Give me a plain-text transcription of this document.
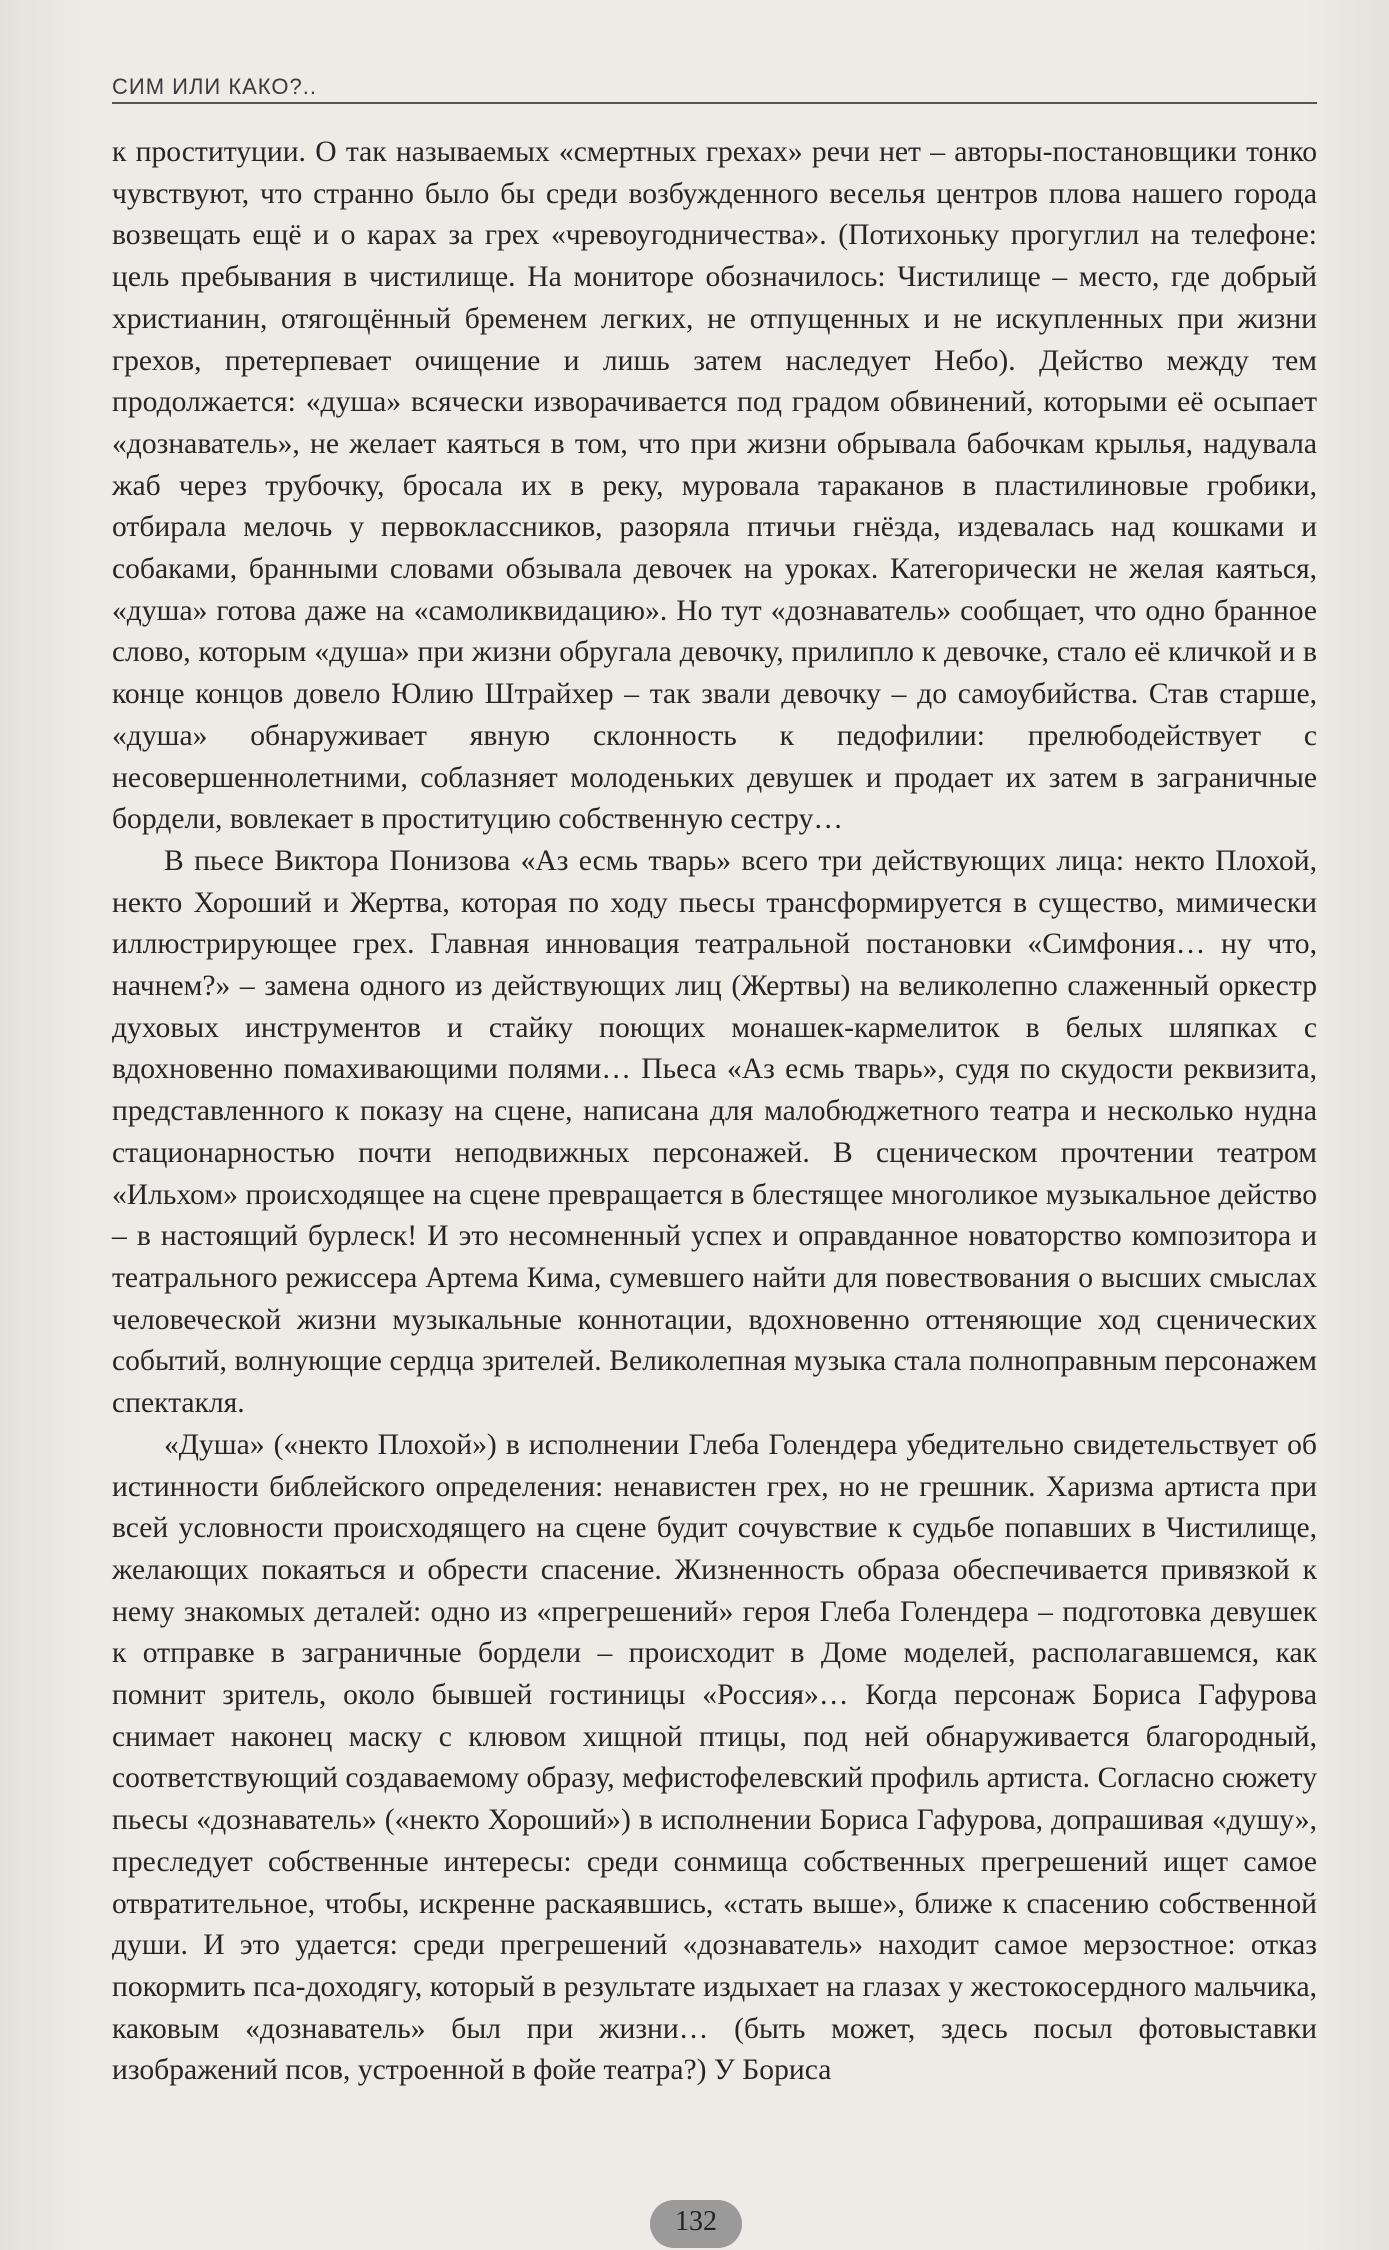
СИМ ИЛИ КАКО?..

к проституции. О так называемых «смертных грехах» речи нет – авторы-постановщики тонко чувствуют, что странно было бы среди возбужденного веселья центров плова нашего города возвещать ещё и о карах за грех «чревоугодничества». (Потихоньку прогуглил на телефоне: цель пребывания в чистилище. На мониторе обозначилось: Чистилище – место, где добрый христианин, отягощённый бременем легких, не отпущенных и не искупленных при жизни грехов, претерпевает очищение и лишь затем наследует Небо). Действо между тем продолжается: «душа» всячески изворачивается под градом обвинений, которыми её осыпает «дознаватель», не желает каяться в том, что при жизни обрывала бабочкам крылья, надувала жаб через трубочку, бросала их в реку, муровала тараканов в пластилиновые гробики, отбирала мелочь у первоклассников, разоряла птичьи гнёзда, издевалась над кошками и собаками, бранными словами обзывала девочек на уроках. Категорически не желая каяться, «душа» готова даже на «самоликвидацию». Но тут «дознаватель» сообщает, что одно бранное слово, которым «душа» при жизни обругала девочку, прилипло к девочке, стало её кличкой и в конце концов довело Юлию Штрайхер – так звали девочку – до самоубийства. Став старше, «душа» обнаруживает явную склонность к педофилии: прелюбодействует с несовершеннолетними, соблазняет молоденьких девушек и продает их затем в заграничные бордели, вовлекает в проституцию собственную сестру…

В пьесе Виктора Понизова «Аз есмь тварь» всего три действующих лица: некто Плохой, некто Хороший и Жертва, которая по ходу пьесы трансформируется в существо, мимически иллюстрирующее грех. Главная инновация театральной постановки «Симфония… ну что, начнем?» – замена одного из действующих лиц (Жертвы) на великолепно слаженный оркестр духовых инструментов и стайку поющих монашек-кармелиток в белых шляпках с вдохновенно помахивающими полями… Пьеса «Аз есмь тварь», судя по скудости реквизита, представленного к показу на сцене, написана для малобюджетного театра и несколько нудна стационарностью почти неподвижных персонажей. В сценическом прочтении театром «Ильхом» происходящее на сцене превращается в блестящее многоликое музыкальное действо – в настоящий бурлеск! И это несомненный успех и оправданное новаторство композитора и театрального режиссера Артема Кима, сумевшего найти для повествования о высших смыслах человеческой жизни музыкальные коннотации, вдохновенно оттеняющие ход сценических событий, волнующие сердца зрителей. Великолепная музыка стала полноправным персонажем спектакля.

«Душа» («некто Плохой») в исполнении Глеба Голендера убедительно свидетельствует об истинности библейского определения: ненавистен грех, но не грешник. Харизма артиста при всей условности происходящего на сцене будит сочувствие к судьбе попавших в Чистилище, желающих покаяться и обрести спасение. Жизненность образа обеспечивается привязкой к нему знакомых деталей: одно из «прегрешений» героя Глеба Голендера – подготовка девушек к отправке в заграничные бордели – происходит в Доме моделей, располагавшемся, как помнит зритель, около бывшей гостиницы «Россия»… Когда персонаж Бориса Гафурова снимает наконец маску с клювом хищной птицы, под ней обнаруживается благородный, соответствующий создаваемому образу, мефистофелевский профиль артиста. Согласно сюжету пьесы «дознаватель» («некто Хороший») в исполнении Бориса Гафурова, допрашивая «душу», преследует собственные интересы: среди сонмища собственных прегрешений ищет самое отвратительное, чтобы, искренне раскаявшись, «стать выше», ближе к спасению собственной души. И это удается: среди прегрешений «дознаватель» находит самое мерзостное: отказ покормить пса-доходягу, который в результате издыхает на глазах у жестокосердного мальчика, каковым «дознаватель» был при жизни… (быть может, здесь посыл фотовыставки изображений псов, устроенной в фойе театра?) У Бориса

132
